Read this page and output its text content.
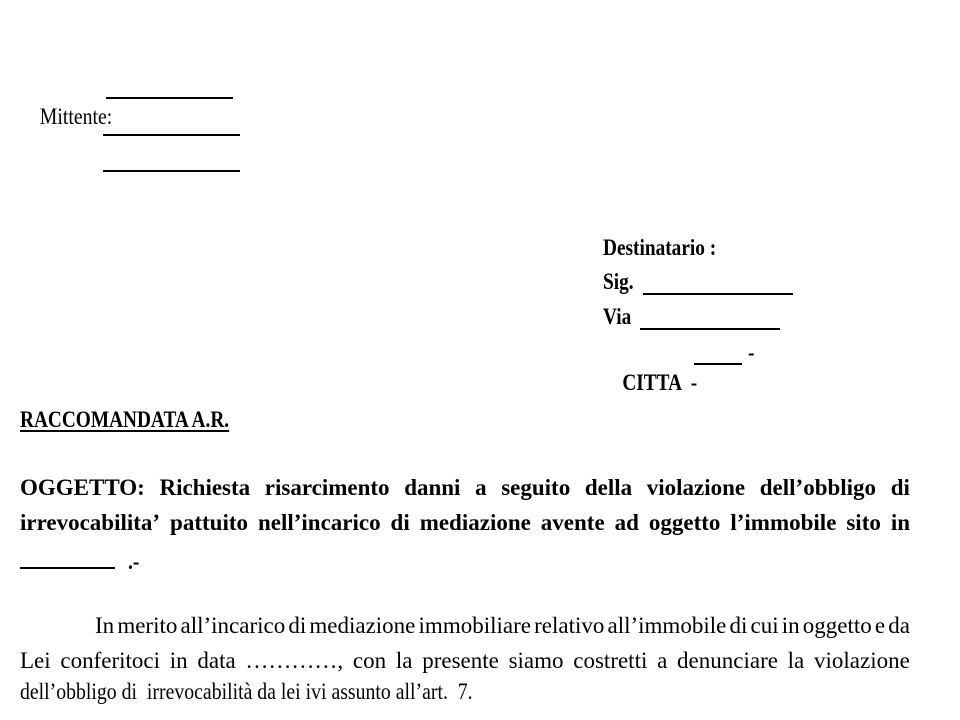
Mittente:

Destinatario :
Sig.
Via

CITTA -

-
RACCOMANDATA A.R.
OGGETTO: Richiesta risarcimento danni a seguito della violazione dell’obbligo di
irrevocabilita’ pattuito nell’incarico di mediazione avente ad oggetto l’immobile sito in
.-
In merito all’incarico di mediazione immobiliare relativo all’immobile di cui in oggetto e da
Lei conferitoci in data …………, con la presente siamo costretti a denunciare la violazione
dell’obbligo di  irrevocabilità da lei ivi assunto all’art.  7.
